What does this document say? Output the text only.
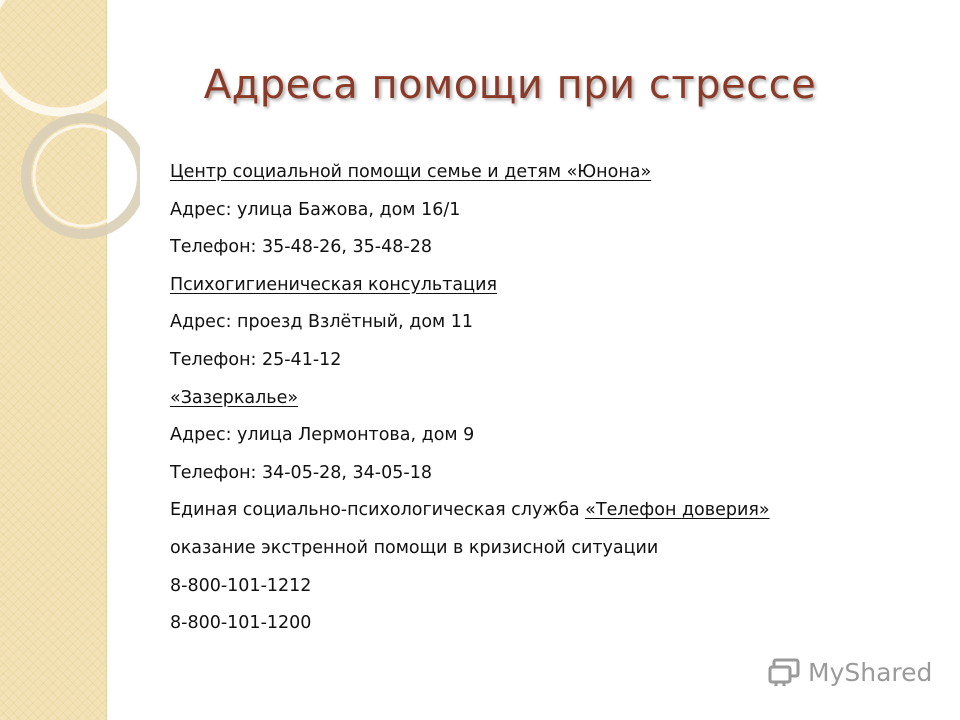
Адреса помощи при стрессе
Центр социальной помощи семье и детям «Юнона»
Адрес: улица Бажова, дом 16/1
Телефон: 35-48-26, 35-48-28
Психогигиеническая консультация
Адрес: проезд Взлётный, дом 11
Телефон: 25-41-12
«Зазеркалье»
Адрес: улица Лермонтова, дом 9
Телефон: 34-05-28, 34-05-18
Единая социально-психологическая служба «Телефон доверия»
оказание экстренной помощи в кризисной ситуации
8-800-101-1212
8-800-101-1200
MyShared
